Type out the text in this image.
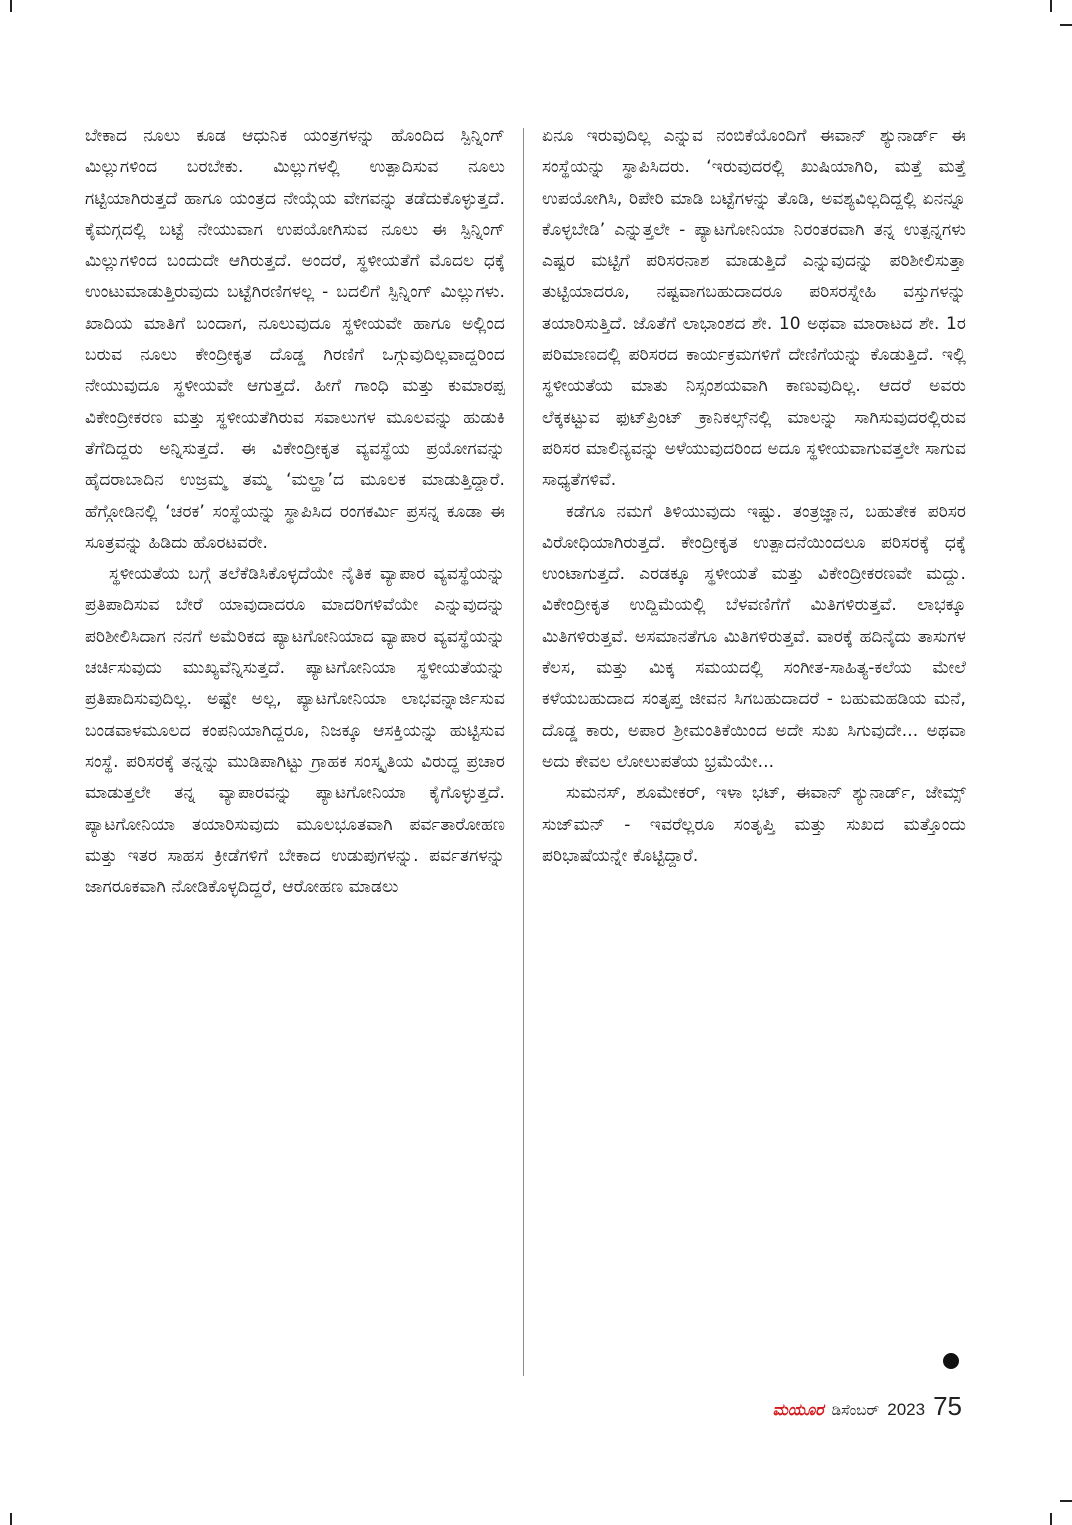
ಬೇಕಾದ ನೂಲು ಕೂಡ ಆಧುನಿಕ ಯಂತ್ರಗಳನ್ನು ಹೊಂದಿದ ಸ್ಪಿನ್ನಿಂಗ್ ಮಿಲ್ಲುಗಳಿಂದ ಬರಬೇಕು. ಮಿಲ್ಲುಗಳಲ್ಲಿ ಉತ್ಪಾದಿಸುವ ನೂಲು ಗಟ್ಟಿಯಾಗಿರುತ್ತದೆ ಹಾಗೂ ಯಂತ್ರದ ನೇಯ್ಗೆಯ ವೇಗವನ್ನು ತಡೆದುಕೊಳ್ಳುತ್ತದೆ. ಕೈಮಗ್ಗದಲ್ಲಿ ಬಟ್ಟೆ ನೇಯುವಾಗ ಉಪಯೋಗಿಸುವ ನೂಲು ಈ ಸ್ಪಿನ್ನಿಂಗ್ ಮಿಲ್ಲುಗಳಿಂದ ಬಂದುದೇ ಆಗಿರುತ್ತದೆ. ಅಂದರೆ, ಸ್ಥಳೀಯತೆಗೆ ಮೊದಲ ಧಕ್ಕೆ ಉಂಟುಮಾಡುತ್ತಿರುವುದು ಬಟ್ಟೆಗಿರಣಿಗಳಲ್ಲ - ಬದಲಿಗೆ ಸ್ಪಿನ್ನಿಂಗ್ ಮಿಲ್ಲುಗಳು. ಖಾದಿಯ ಮಾತಿಗೆ ಬಂದಾಗ, ನೂಲುವುದೂ ಸ್ಥಳೀಯವೇ ಹಾಗೂ ಅಲ್ಲಿಂದ ಬರುವ ನೂಲು ಕೇಂದ್ರೀಕೃತ ದೊಡ್ಡ ಗಿರಣಿಗೆ ಒಗ್ಗುವುದಿಲ್ಲವಾದ್ದರಿಂದ ನೇಯುವುದೂ ಸ್ಥಳೀಯವೇ ಆಗುತ್ತದೆ. ಹೀಗೆ ಗಾಂಧಿ ಮತ್ತು ಕುಮಾರಪ್ಪ ವಿಕೇಂದ್ರೀಕರಣ ಮತ್ತು ಸ್ಥಳೀಯತೆಗಿರುವ ಸವಾಲುಗಳ ಮೂಲವನ್ನು ಹುಡುಕಿ ತೆಗೆದಿದ್ದರು ಅನ್ನಿಸುತ್ತದೆ. ಈ ವಿಕೇಂದ್ರೀಕೃತ ವ್ಯವಸ್ಥೆಯ ಪ್ರಯೋಗವನ್ನು ಹೈದರಾಬಾದಿನ ಉಜ್ರಮ್ಮ ತಮ್ಮ ‘ಮಲ್ಹಾ’ದ ಮೂಲಕ ಮಾಡುತ್ತಿದ್ದಾರೆ. ಹೆಗ್ಗೋಡಿನಲ್ಲಿ ‘ಚರಕ’ ಸಂಸ್ಥೆಯನ್ನು ಸ್ಥಾಪಿಸಿದ ರಂಗಕರ್ಮಿ ಪ್ರಸನ್ನ ಕೂಡಾ ಈ ಸೂತ್ರವನ್ನು ಹಿಡಿದು ಹೊರಟವರೇ.

ಸ್ಥಳೀಯತೆಯ ಬಗ್ಗೆ ತಲೆಕೆಡಿಸಿಕೊಳ್ಳದೆಯೇ ನೈತಿಕ ವ್ಯಾಪಾರ ವ್ಯವಸ್ಥೆಯನ್ನು ಪ್ರತಿಪಾದಿಸುವ ಬೇರೆ ಯಾವುದಾದರೂ ಮಾದರಿಗಳಿವೆಯೇ ಎನ್ನುವುದನ್ನು ಪರಿಶೀಲಿಸಿದಾಗ ನನಗೆ ಅಮೆರಿಕದ ಪ್ಯಾಟಗೋನಿಯಾದ ವ್ಯಾಪಾರ ವ್ಯವಸ್ಥೆಯನ್ನು ಚರ್ಚಿಸುವುದು ಮುಖ್ಯವೆನ್ನಿಸುತ್ತದೆ. ಪ್ಯಾಟಗೋನಿಯಾ ಸ್ಥಳೀಯತೆಯನ್ನು ಪ್ರತಿಪಾದಿಸುವುದಿಲ್ಲ. ಅಷ್ಟೇ ಅಲ್ಲ, ಪ್ಯಾಟಗೋನಿಯಾ ಲಾಭವನ್ನಾರ್ಜಿಸುವ ಬಂಡವಾಳಮೂಲದ ಕಂಪನಿಯಾಗಿದ್ದರೂ, ನಿಜಕ್ಕೂ ಆಸಕ್ತಿಯನ್ನು ಹುಟ್ಟಿಸುವ ಸಂಸ್ಥೆ. ಪರಿಸರಕ್ಕೆ ತನ್ನನ್ನು ಮುಡಿಪಾಗಿಟ್ಟು ಗ್ರಾಹಕ ಸಂಸ್ಕೃತಿಯ ವಿರುದ್ಧ ಪ್ರಚಾರ ಮಾಡುತ್ತಲೇ ತನ್ನ ವ್ಯಾಪಾರವನ್ನು ಪ್ಯಾಟಗೋನಿಯಾ ಕೈಗೊಳ್ಳುತ್ತದೆ. ಪ್ಯಾಟಗೋನಿಯಾ ತಯಾರಿಸುವುದು ಮೂಲಭೂತವಾಗಿ ಪರ್ವತಾರೋಹಣ ಮತ್ತು ಇತರ ಸಾಹಸ ಕ್ರೀಡೆಗಳಿಗೆ ಬೇಕಾದ ಉಡುಪುಗಳನ್ನು. ಪರ್ವತಗಳನ್ನು ಜಾಗರೂಕವಾಗಿ ನೋಡಿಕೊಳ್ಳದಿದ್ದರೆ, ಆರೋಹಣ ಮಾಡಲು

ಏನೂ ಇರುವುದಿಲ್ಲ ಎನ್ನುವ ನಂಬಿಕೆಯೊಂದಿಗೆ ಈವಾನ್ ಶ್ಯುನಾರ್ಡ್ ಈ ಸಂಸ್ಥೆಯನ್ನು ಸ್ಥಾಪಿಸಿದರು. ‘ಇರುವುದರಲ್ಲಿ ಖುಷಿಯಾಗಿರಿ, ಮತ್ತೆ ಮತ್ತೆ ಉಪಯೋಗಿಸಿ, ರಿಪೇರಿ ಮಾಡಿ ಬಟ್ಟೆಗಳನ್ನು ತೊಡಿ, ಅವಶ್ಯವಿಲ್ಲದಿದ್ದಲ್ಲಿ ಏನನ್ನೂ ಕೊಳ್ಳಬೇಡಿ’ ಎನ್ನುತ್ತಲೇ - ಪ್ಯಾಟಗೋನಿಯಾ ನಿರಂತರವಾಗಿ ತನ್ನ ಉತ್ಪನ್ನಗಳು ಎಷ್ಟರ ಮಟ್ಟಿಗೆ ಪರಿಸರನಾಶ ಮಾಡುತ್ತಿದೆ ಎನ್ನುವುದನ್ನು ಪರಿಶೀಲಿಸುತ್ತಾ ತುಟ್ಟಿಯಾದರೂ, ನಷ್ಟವಾಗಬಹುದಾದರೂ ಪರಿಸರಸ್ನೇಹಿ ವಸ್ತುಗಳನ್ನು ತಯಾರಿಸುತ್ತಿದೆ. ಜೊತೆಗೆ ಲಾಭಾಂಶದ ಶೇ. 10 ಅಥವಾ ಮಾರಾಟದ ಶೇ. 1ರ ಪರಿಮಾಣದಲ್ಲಿ ಪರಿಸರದ ಕಾರ್ಯಕ್ರಮಗಳಿಗೆ ದೇಣಿಗೆಯನ್ನು ಕೊಡುತ್ತಿದೆ. ಇಲ್ಲಿ ಸ್ಥಳೀಯತೆಯ ಮಾತು ನಿಸ್ಸಂಶಯವಾಗಿ ಕಾಣುವುದಿಲ್ಲ. ಆದರೆ ಅವರು ಲೆಕ್ಕಕಟ್ಟುವ ಫುಟ್‌ಪ್ರಿಂಟ್ ಕ್ರಾನಿಕಲ್ಸ್‌ನಲ್ಲಿ ಮಾಲನ್ನು ಸಾಗಿಸುವುದರಲ್ಲಿರುವ ಪರಿಸರ ಮಾಲಿನ್ಯವನ್ನು ಅಳೆಯುವುದರಿಂದ ಅದೂ ಸ್ಥಳೀಯವಾಗುವತ್ತಲೇ ಸಾಗುವ ಸಾಧ್ಯತೆಗಳಿವೆ.

ಕಡೆಗೂ ನಮಗೆ ತಿಳಿಯುವುದು ಇಷ್ಟು. ತಂತ್ರಜ್ಞಾನ, ಬಹುತೇಕ ಪರಿಸರ ವಿರೋಧಿಯಾಗಿರುತ್ತದೆ. ಕೇಂದ್ರೀಕೃತ ಉತ್ಪಾದನೆಯಿಂದಲೂ ಪರಿಸರಕ್ಕೆ ಧಕ್ಕೆ ಉಂಟಾಗುತ್ತದೆ. ಎರಡಕ್ಕೂ ಸ್ಥಳೀಯತೆ ಮತ್ತು ವಿಕೇಂದ್ರೀಕರಣವೇ ಮದ್ದು. ವಿಕೇಂದ್ರೀಕೃತ ಉದ್ದಿಮೆಯಲ್ಲಿ ಬೆಳವಣಿಗೆಗೆ ಮಿತಿಗಳಿರುತ್ತವೆ. ಲಾಭಕ್ಕೂ ಮಿತಿಗಳಿರುತ್ತವೆ. ಅಸಮಾನತೆಗೂ ಮಿತಿಗಳಿರುತ್ತವೆ. ವಾರಕ್ಕೆ ಹದಿನೈದು ತಾಸುಗಳ ಕೆಲಸ, ಮತ್ತು ಮಿಕ್ಕ ಸಮಯದಲ್ಲಿ ಸಂಗೀತ-ಸಾಹಿತ್ಯ-ಕಲೆಯ ಮೇಲೆ ಕಳೆಯಬಹುದಾದ ಸಂತೃಪ್ತ ಜೀವನ ಸಿಗಬಹುದಾದರೆ - ಬಹುಮಹಡಿಯ ಮನೆ, ದೊಡ್ಡ ಕಾರು, ಅಪಾರ ಶ್ರೀಮಂತಿಕೆಯಿಂದ ಅದೇ ಸುಖ ಸಿಗುವುದೇ... ಅಥವಾ ಅದು ಕೇವಲ ಲೋಲುಪತೆಯ ಭ್ರಮೆಯೇ...

ಸುಮನಸ್, ಶೂಮೇಕರ್, ಇಳಾ ಭಟ್, ಈವಾನ್ ಶ್ಯುನಾರ್ಡ್, ಜೇಮ್ಸ್ ಸುಜ್‌ಮನ್ - ಇವರೆಲ್ಲರೂ ಸಂತೃಪ್ತಿ ಮತ್ತು ಸುಖದ ಮತ್ತೊಂದು ಪರಿಭಾಷೆಯನ್ನೇ ಕೊಟ್ಟಿದ್ದಾರೆ.

ಮಯೂರ ಡಿಸೆಂಬರ್ 2023 75
